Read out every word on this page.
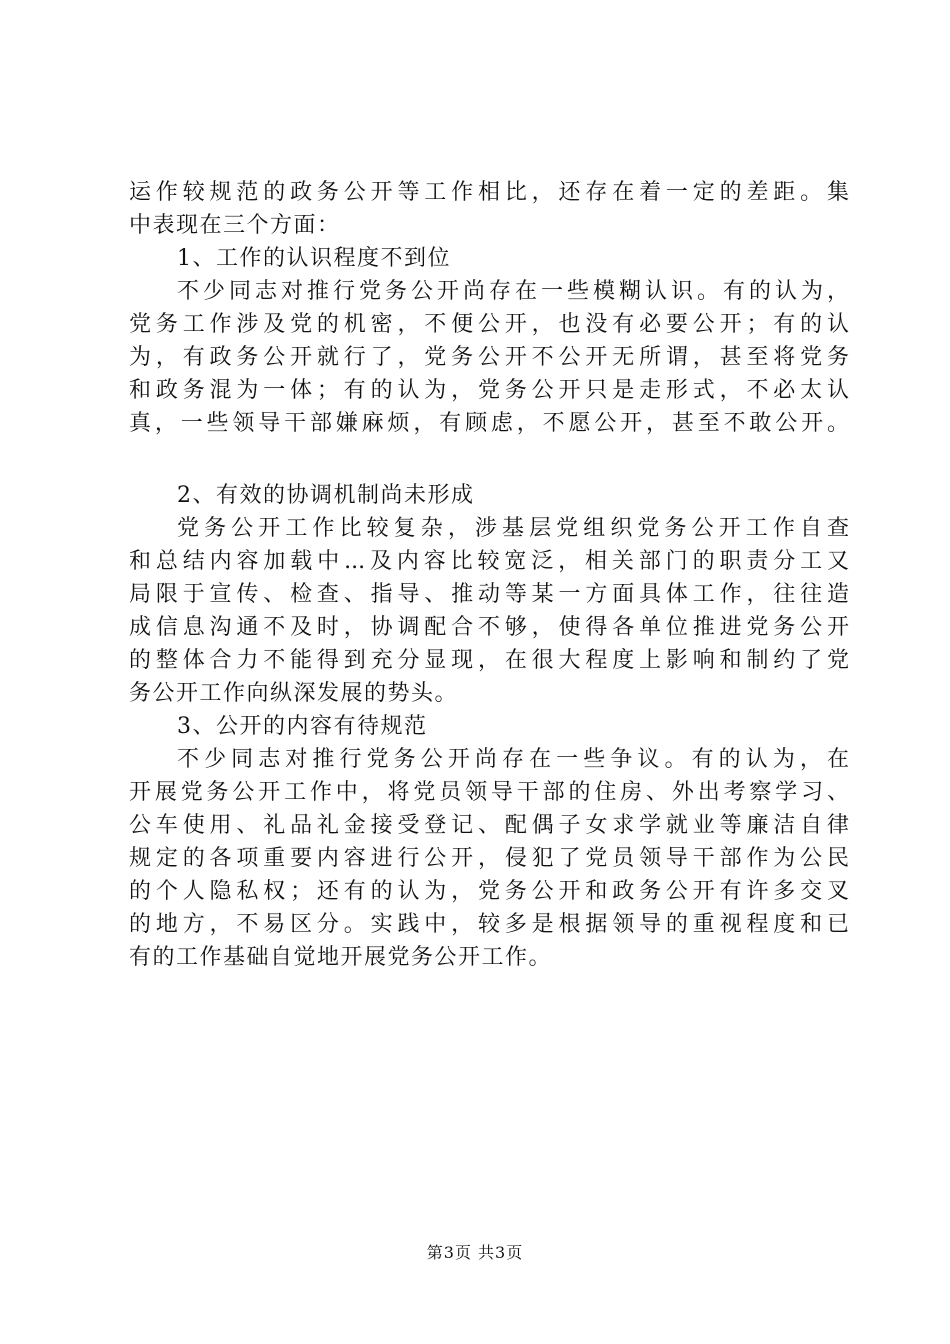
运作较规范的政务公开等工作相比，还存在着一定的差距。集
中表现在三个方面：
1、工作的认识程度不到位
不少同志对推行党务公开尚存在一些模糊认识。有的认为，
党务工作涉及党的机密，不便公开，也没有必要公开；有的认
为，有政务公开就行了，党务公开不公开无所谓，甚至将党务
和政务混为一体；有的认为，党务公开只是走形式，不必太认
真，一些领导干部嫌麻烦，有顾虑，不愿公开，甚至不敢公开。
2、有效的协调机制尚未形成
党务公开工作比较复杂，涉基层党组织党务公开工作自查
和总结内容加载中...及内容比较宽泛，相关部门的职责分工又
局限于宣传、检查、指导、推动等某一方面具体工作，往往造
成信息沟通不及时，协调配合不够，使得各单位推进党务公开
的整体合力不能得到充分显现，在很大程度上影响和制约了党
务公开工作向纵深发展的势头。
3、公开的内容有待规范
不少同志对推行党务公开尚存在一些争议。有的认为，在
开展党务公开工作中，将党员领导干部的住房、外出考察学习、
公车使用、礼品礼金接受登记、配偶子女求学就业等廉洁自律
规定的各项重要内容进行公开，侵犯了党员领导干部作为公民
的个人隐私权；还有的认为，党务公开和政务公开有许多交叉
的地方，不易区分。实践中，较多是根据领导的重视程度和已
有的工作基础自觉地开展党务公开工作。
第3页 共3页
